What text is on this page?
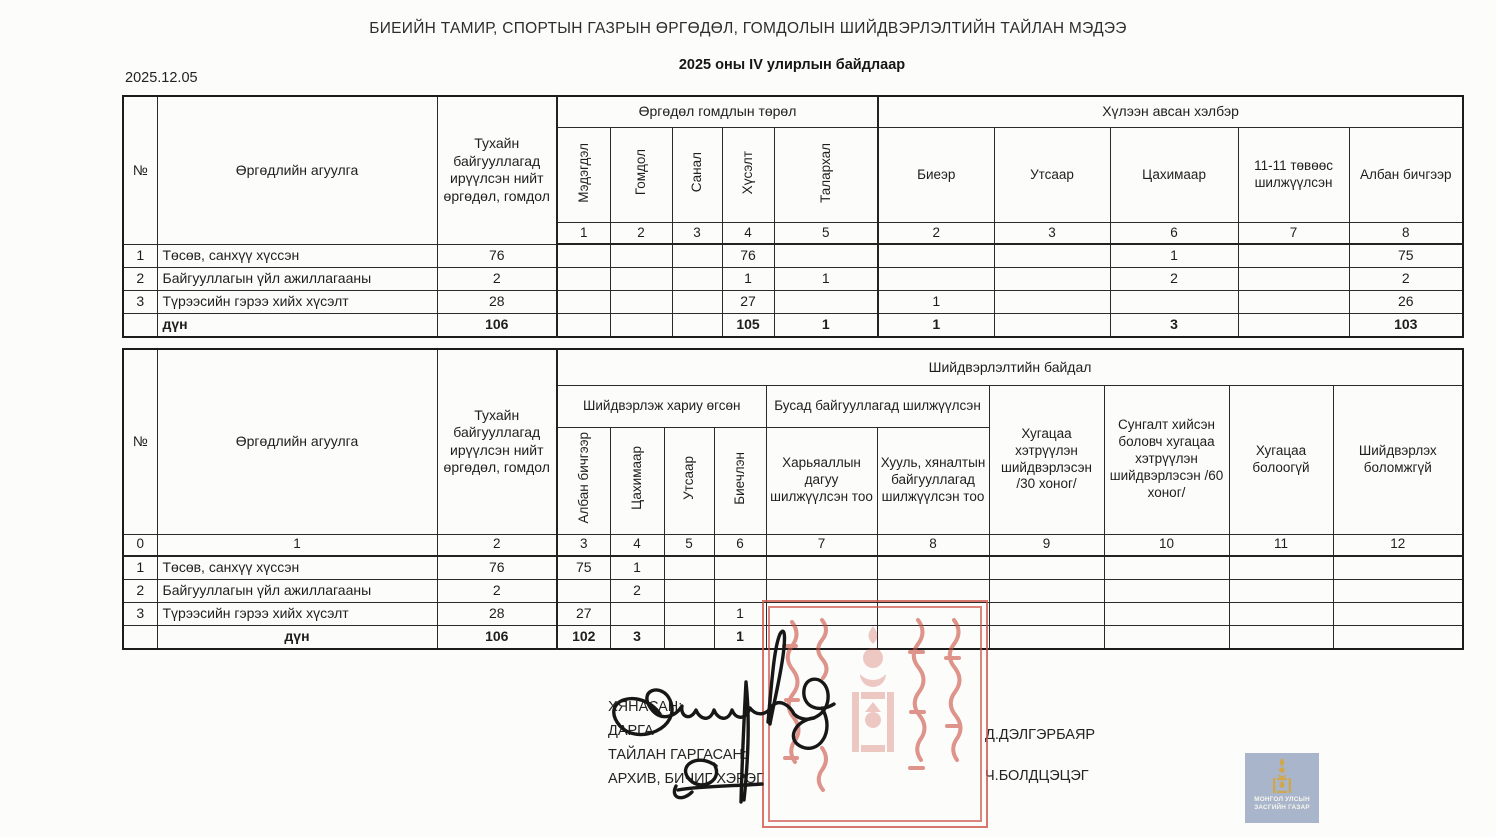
БИЕИЙН ТАМИР, СПОРТЫН ГАЗРЫН ӨРГӨДӨЛ, ГОМДОЛЫН ШИЙДВЭРЛЭЛТИЙН ТАЙЛАН МЭДЭЭ
2025 оны IV улирлын байдлаар
2025.12.05
№	Өргөдлийн агуулга	Тухайн байгууллагад ирүүлсэн нийт өргөдөл, гомдол	Өргөдөл гомдлын төрөл					Хүлээн авсан хэлбэр				
			Мэдэгдэл	Гомдол	Санал	Хүсэлт	Талархал	Биеэр	Утсаар	Цахимаар	11-11 төвөөс шилжүүлсэн	Албан бичгээр
			1	2	3	4	5	2	3	6	7	8
1	Төсөв, санхүү хүссэн	76				76				1		75
2	Байгууллагын үйл ажиллагааны	2				1	1			2		2
3	Түрээсийн гэрээ хийх хүсэлт	28				27		1				26
	дүн	106				105	1	1		3		103
№	Өргөдлийн агуулга	Тухайн байгууллагад ирүүлсэн нийт өргөдөл, гомдол	Шийдвэрлэлтийн байдал									
			Шийдвэрлэж хариу өгсөн				Бусад байгууллагад шилжүүлсэн		Хугацаа хэтрүүлэн шийдвэрлэсэн /30 хоног/	Сунгалт хийсэн боловч хугацаа хэтрүүлэн шийдвэрлэсэн /60 хоног/	Хугацаа болоогүй	Шийдвэрлэх боломжгүй
			Албан бичгээр	Цахимаар	Утсаар	Биечлэн	Харьяаллын дагуу шилжүүлсэн тоо	Хууль, хяналтын байгууллагад шилжүүлсэн тоо				
0	1	2	3	4	5	6	7	8	9	10	11	12
1	Төсөв, санхүү хүссэн	76	75	1								
2	Байгууллагын үйл ажиллагааны	2		2								
3	Түрээсийн гэрээ хийх хүсэлт	28	27			1						
	дүн	106	102	3		1						
ХЯНАСАН:
ДАРГА	Д.ДЭЛГЭРБАЯР
ТАЙЛАН ГАРГАСАН:
АРХИВ, БИЧИГ ХЭРЭГ	Ч.БОЛДЦЭЦЭГ
МОНГОЛ УЛСЫН
ЗАСГИЙН ГАЗАР
